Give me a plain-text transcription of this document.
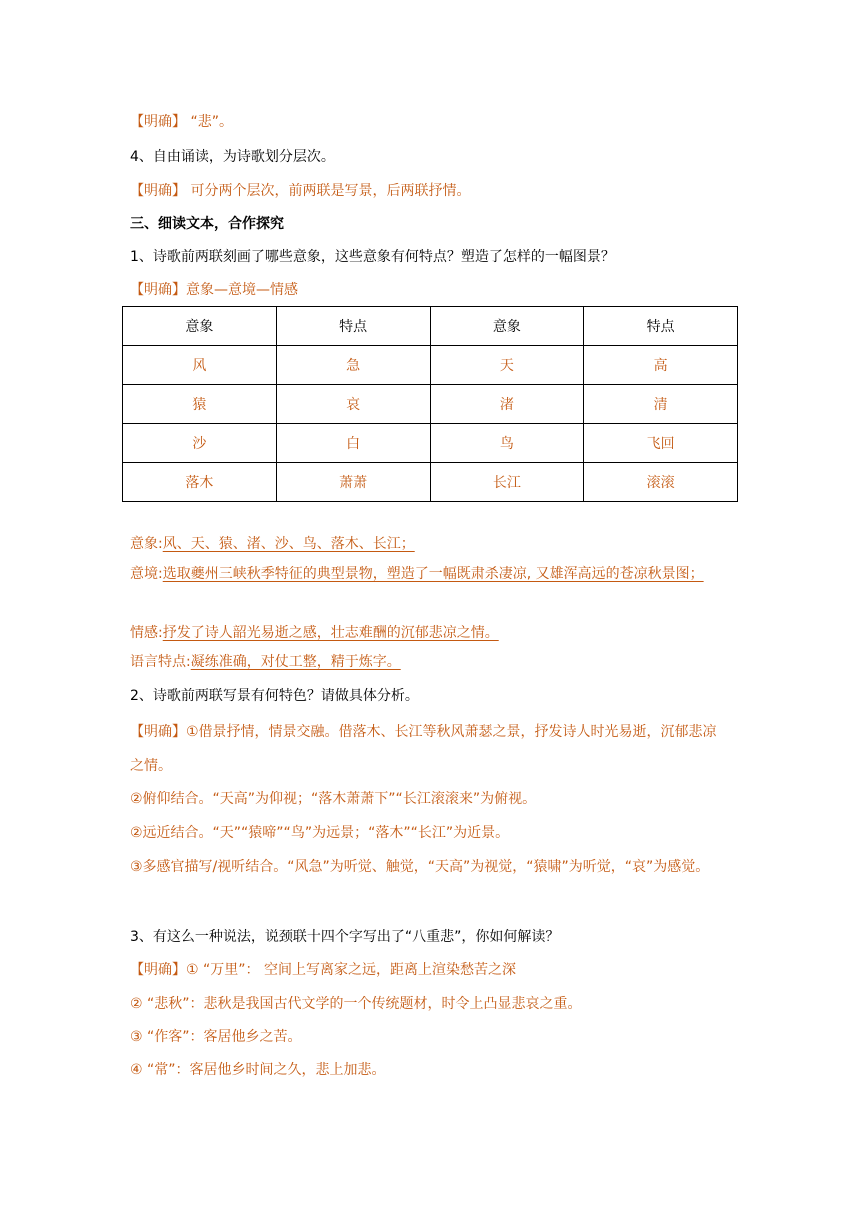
【明确】 “悲”。
4、自由诵读，为诗歌划分层次。
【明确】 可分两个层次，前两联是写景，后两联抒情。
三、细读文本，合作探究
1、诗歌前两联刻画了哪些意象，这些意象有何特点？塑造了怎样的一幅图景？
【明确】意象—意境—情感
意象	特点	意象	特点
风	急	天	高
猿	哀	渚	清
沙	白	鸟	飞回
落木	萧萧	长江	滚滚
意象:风、天、猿、渚、沙、鸟、落木、长江；
意境:选取夔州三峡秋季特征的典型景物，塑造了一幅既肃杀凄凉, 又雄浑高远的苍凉秋景图；
情感:抒发了诗人韶光易逝之感，壮志难酬的沉郁悲凉之情。
语言特点:凝练准确，对仗工整，精于炼字。
2、诗歌前两联写景有何特色？请做具体分析。
【明确】①借景抒情，情景交融。借落木、长江等秋风萧瑟之景，抒发诗人时光易逝，沉郁悲凉之情。
②俯仰结合。“天高”为仰视；“落木萧萧下”“长江滚滚来”为俯视。
②远近结合。“天”“猿啼”“鸟”为远景；“落木”“长江”为近景。
③多感官描写/视听结合。“风急”为听觉、触觉，“天高”为视觉，“猿啸”为听觉，“哀”为感觉。
3、有这么一种说法，说颈联十四个字写出了“八重悲”，你如何解读？
【明确】① “万里”： 空间上写离家之远，距离上渲染愁苦之深
② “悲秋”：悲秋是我国古代文学的一个传统题材，时令上凸显悲哀之重。
③ “作客”：客居他乡之苦。
④ “常”：客居他乡时间之久，悲上加悲。
